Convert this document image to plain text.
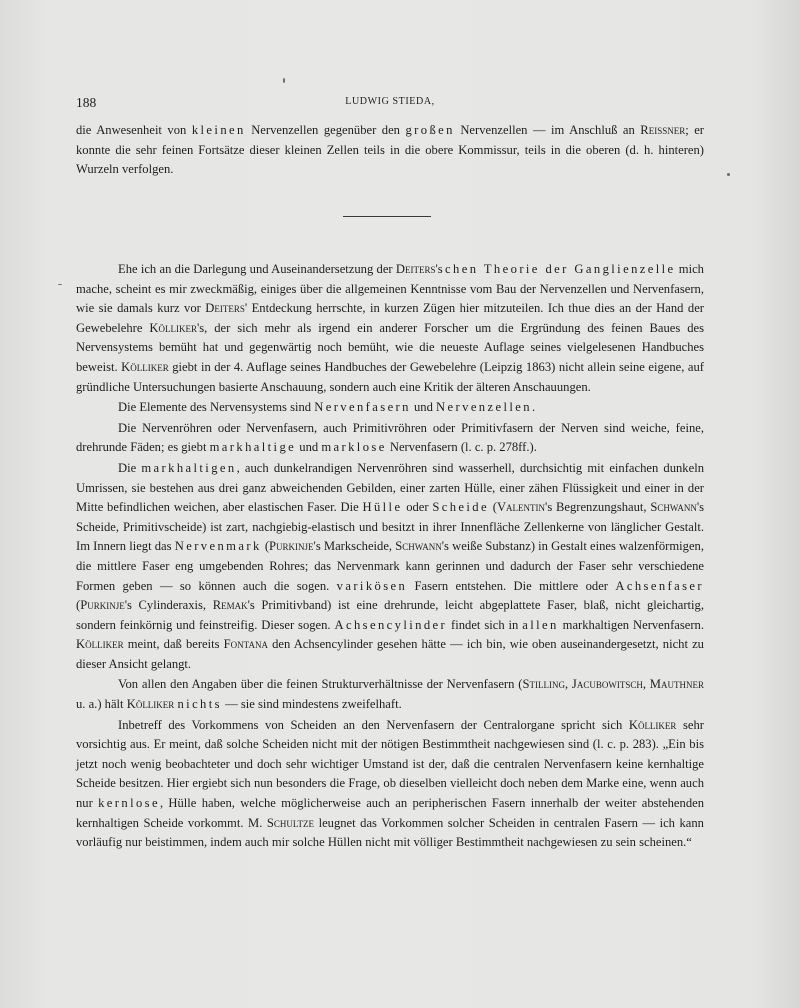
188	LUDWIG STIEDA,

die Anwesenheit von kleinen Nervenzellen gegenüber den großen Nervenzellen — im Anschluß an Reissner; er konnte die sehr feinen Fortsätze dieser kleinen Zellen teils in die obere Kommissur, teils in die oberen (d. h. hinteren) Wurzeln verfolgen.

Ehe ich an die Darlegung und Auseinandersetzung der Deiters'schen Theorie der Ganglienzelle mich mache, scheint es mir zweckmäßig, einiges über die allgemeinen Kenntnisse vom Bau der Nervenzellen und Nervenfasern, wie sie damals kurz vor Deiters' Entdeckung herrschte, in kurzen Zügen hier mitzuteilen. Ich thue dies an der Hand der Gewebelehre Kölliker's, der sich mehr als irgend ein anderer Forscher um die Ergründung des feinen Baues des Nervensystems bemüht hat und gegenwärtig noch bemüht, wie die neueste Auflage seines vielgelesenen Handbuches beweist. Kölliker giebt in der 4. Auflage seines Handbuches der Gewebelehre (Leipzig 1863) nicht allein seine eigene, auf gründliche Untersuchungen basierte Anschauung, sondern auch eine Kritik der älteren Anschauungen.

Die Elemente des Nervensystems sind Nervenfasern und Nervenzellen.

Die Nervenröhren oder Nervenfasern, auch Primitivröhren oder Primitivfasern der Nerven sind weiche, feine, drehrunde Fäden; es giebt markhaltige und marklose Nervenfasern (l. c. p. 278ff.).

Die markhaltigen, auch dunkelrandigen Nervenröhren sind wasserhell, durchsichtig mit einfachen dunkeln Umrissen, sie bestehen aus drei ganz abweichenden Gebilden, einer zarten Hülle, einer zähen Flüssigkeit und einer in der Mitte befindlichen weichen, aber elastischen Faser. Die Hülle oder Scheide (Valentin's Begrenzungshaut, Schwann's Scheide, Primitivscheide) ist zart, nachgiebig-elastisch und besitzt in ihrer Innenfläche Zellenkerne von länglicher Gestalt. Im Innern liegt das Nervenmark (Purkinje's Markscheide, Schwann's weiße Substanz) in Gestalt eines walzenförmigen, die mittlere Faser eng umgebenden Rohres; das Nervenmark kann gerinnen und dadurch der Faser sehr verschiedene Formen geben — so können auch die sogen. varikösen Fasern entstehen. Die mittlere oder Achsenfaser (Purkinje's Cylinderaxis, Remak's Primitivband) ist eine drehrunde, leicht abgeplattete Faser, blaß, nicht gleichartig, sondern feinkörnig und feinstreifig. Dieser sogen. Achsencylinder findet sich in allen markhaltigen Nervenfasern. Kölliker meint, daß bereits Fontana den Achsencylinder gesehen hätte — ich bin, wie oben auseinandergesetzt, nicht zu dieser Ansicht gelangt.

Von allen den Angaben über die feinen Strukturverhältnisse der Nervenfasern (Stilling, Jacubowitsch, Mauthner u. a.) hält Kölliker nichts — sie sind mindestens zweifelhaft.

Inbetreff des Vorkommens von Scheiden an den Nervenfasern der Centralorgane spricht sich Kölliker sehr vorsichtig aus. Er meint, daß solche Scheiden nicht mit der nötigen Bestimmtheit nachgewiesen sind (l. c. p. 283). „Ein bis jetzt noch wenig beobachteter und doch sehr wichtiger Umstand ist der, daß die centralen Nervenfasern keine kernhaltige Scheide besitzen. Hier ergiebt sich nun besonders die Frage, ob dieselben vielleicht doch neben dem Marke eine, wenn auch nur kernlose, Hülle haben, welche möglicherweise auch an peripherischen Fasern innerhalb der weiter abstehenden kernhaltigen Scheide vorkommt. M. Schultze leugnet das Vorkommen solcher Scheiden in centralen Fasern — ich kann vorläufig nur beistimmen, indem auch mir solche Hüllen nicht mit völliger Bestimmtheit nachgewiesen zu sein scheinen.“
